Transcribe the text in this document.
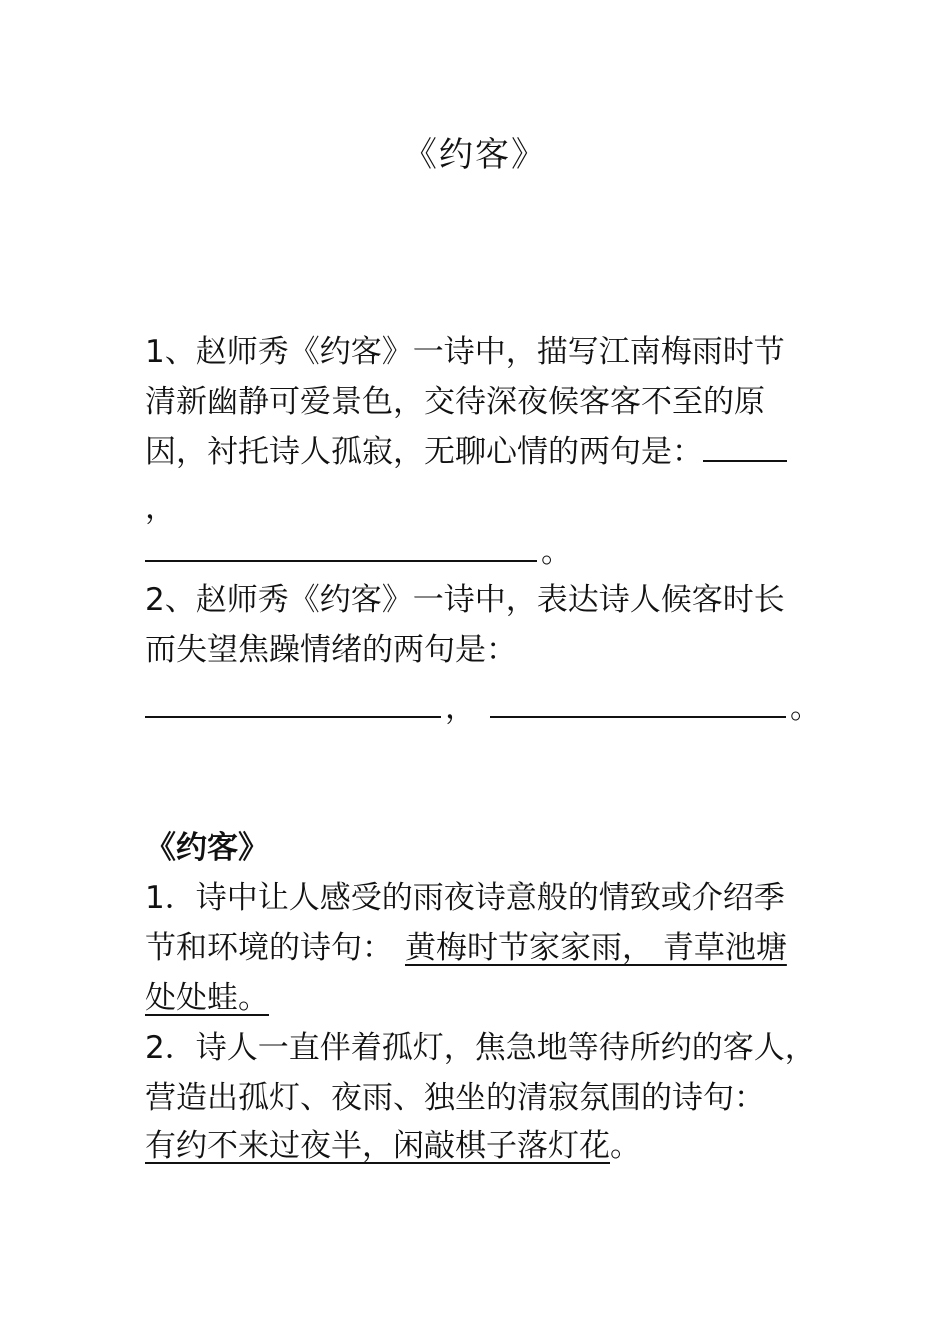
《约客》
1、赵师秀《约客》一诗中，描写江南梅雨时节
清新幽静可爱景色，交待深夜候客客不至的原
因，衬托诗人孤寂，无聊心情的两句是：
，
。
2、赵师秀《约客》一诗中，表达诗人候客时长
而失望焦躁情绪的两句是：
，	。
《约客》
1．诗中让人感受的雨夜诗意般的情致或介绍季
节和环境的诗句： 黄梅时节家家雨， 青草池塘
处处蛙。
2．诗人一直伴着孤灯，焦急地等待所约的客人，
营造出孤灯、夜雨、独坐的清寂氛围的诗句：
有约不来过夜半，闲敲棋子落灯花。
